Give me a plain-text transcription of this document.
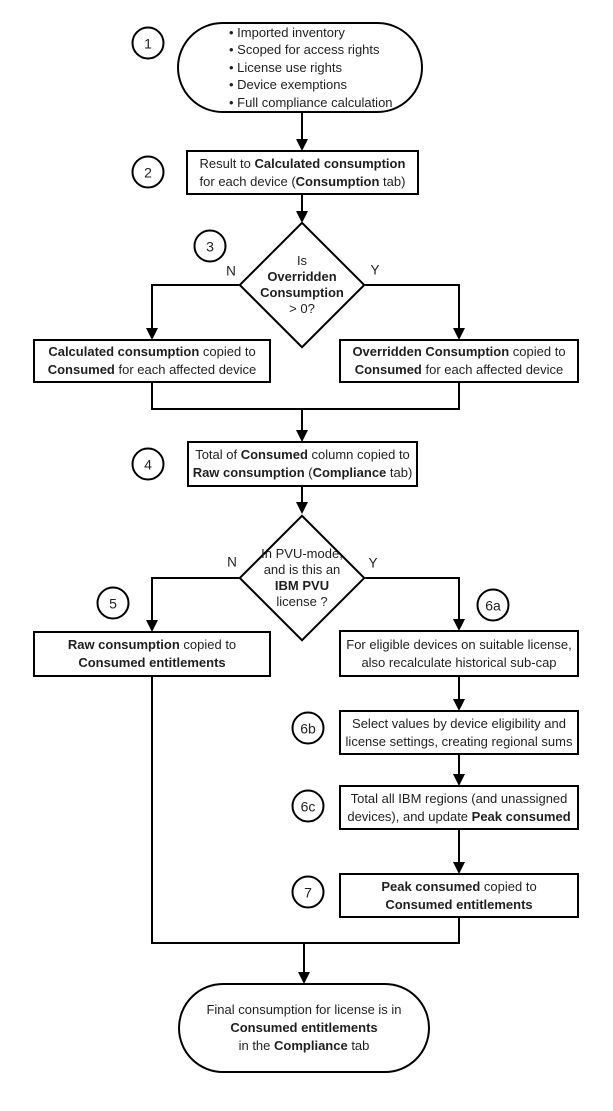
1
2
3
4
5	6a
6b
6c
7
• Imported inventory
• Scoped for access rights
• License use rights
• Device exemptions
• Full compliance calculation
Result to Calculated consumption
for each device (Consumption tab)
Is
Overridden
Consumption
> 0?
N	Y
Calculated consumption copied to
Consumed for each affected device
Overridden Consumption copied to
Consumed for each affected device
Total of Consumed column copied to
Raw consumption (Compliance tab)
In PVU-mode,
and is this an
IBM PVU
license ?
N	Y
Raw consumption copied to
Consumed entitlements
For eligible devices on suitable license,
also recalculate historical sub-cap
Select values by device eligibility and
license settings, creating regional sums
Total all IBM regions (and unassigned
devices), and update Peak consumed
Peak consumed copied to
Consumed entitlements
Final consumption for license is in
Consumed entitlements
in the Compliance tab
